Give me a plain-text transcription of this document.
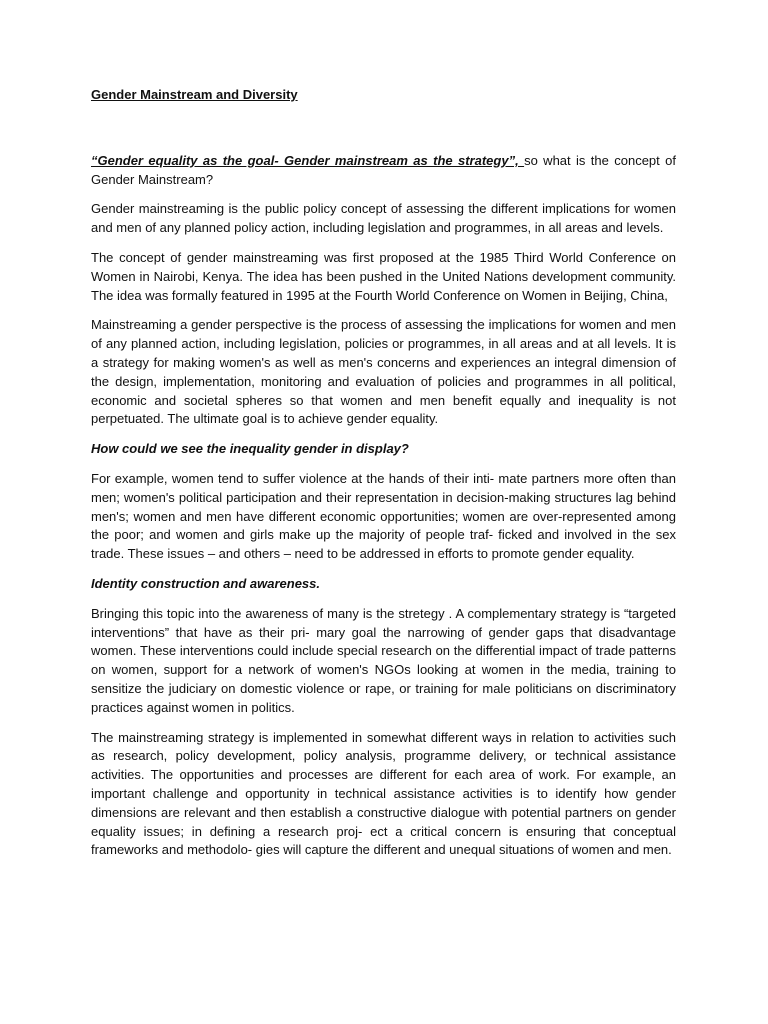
Gender Mainstream and Diversity

“Gender equality as the goal- Gender mainstream as the strategy”, so what is the concept of Gender Mainstream?

Gender mainstreaming is the public policy concept of assessing the different implications for women and men of any planned policy action, including legislation and programmes, in all areas and levels.

The concept of gender mainstreaming was first proposed at the 1985 Third World Conference on Women in Nairobi, Kenya. The idea has been pushed in the United Nations development community. The idea was formally featured in 1995 at the Fourth World Conference on Women in Beijing, China,

Mainstreaming a gender perspective is the process of assessing the implications for women and men of any planned action, including legislation, policies or programmes, in all areas and at all levels. It is a strategy for making women's as well as men's concerns and experiences an integral dimension of the design, implementation, monitoring and evaluation of policies and programmes in all political, economic and societal spheres so that women and men benefit equally and inequality is not perpetuated. The ultimate goal is to achieve gender equality.

How could we see the inequality gender in display?

For example, women tend to suffer violence at the hands of their inti- mate partners more often than men; women's political participation and their representation in decision-making structures lag behind men's; women and men have different economic opportunities; women are over-represented among the poor; and women and girls make up the majority of people traf- ficked and involved in the sex trade. These issues – and others – need to be addressed in efforts to promote gender equality.

Identity construction and awareness.

Bringing this topic into the awareness of many is the stretegy . A complementary strategy is “targeted interventions” that have as their pri- mary goal the narrowing of gender gaps that disadvantage women. These interventions could include special research on the differential impact of trade patterns on women, support for a network of women's NGOs looking at women in the media, training to sensitize the judiciary on domestic violence or rape, or training for male politicians on discriminatory practices against women in politics.

The mainstreaming strategy is implemented in somewhat different ways in relation to activities such as research, policy development, policy analysis, programme delivery, or technical assistance activities. The opportunities and processes are different for each area of work. For example, an important challenge and opportunity in technical assistance activities is to identify how gender dimensions are relevant and then establish a constructive dialogue with potential partners on gender equality issues; in defining a research proj- ect a critical concern is ensuring that conceptual frameworks and methodolo- gies will capture the different and unequal situations of women and men.
